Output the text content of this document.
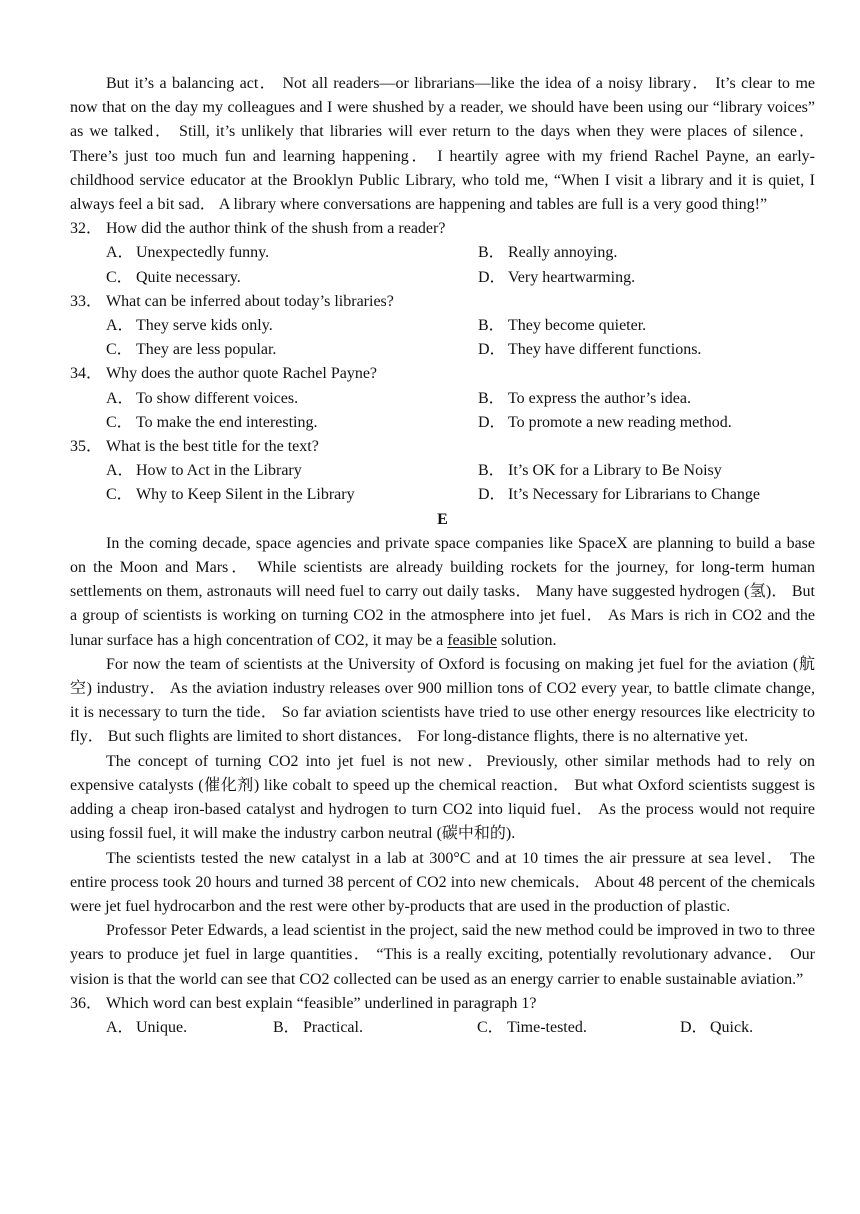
But it’s a balancing act． Not all readers—or librarians—like the idea of a noisy library． It’s clear to me now that on the day my colleagues and I were shushed by a reader, we should have been using our “library voices” as we talked． Still, it’s unlikely that libraries will ever return to the days when they were places of silence． There’s just too much fun and learning happening． I heartily agree with my friend Rachel Payne, an early-childhood service educator at the Brooklyn Public Library, who told me, “When I visit a library and it is quiet, I always feel a bit sad． A library where conversations are happening and tables are full is a very good thing!”

32． How did the author think of the shush from a reader?
A． Unexpectedly funny.	B． Really annoying.
C． Quite necessary.	D． Very heartwarming.
33． What can be inferred about today’s libraries?
A． They serve kids only.	B． They become quieter.
C． They are less popular.	D． They have different functions.
34． Why does the author quote Rachel Payne?
A． To show different voices.	B． To express the author’s idea.
C． To make the end interesting.	D． To promote a new reading method.
35． What is the best title for the text?
A． How to Act in the Library	B． It’s OK for a Library to Be Noisy
C． Why to Keep Silent in the Library	D． It’s Necessary for Librarians to Change
E

In the coming decade, space agencies and private space companies like SpaceX are planning to build a base on the Moon and Mars． While scientists are already building rockets for the journey, for long-term human settlements on them, astronauts will need fuel to carry out daily tasks． Many have suggested hydrogen (氢)． But a group of scientists is working on turning CO2 in the atmosphere into jet fuel． As Mars is rich in CO2 and the lunar surface has a high concentration of CO2, it may be a feasible solution.

For now the team of scientists at the University of Oxford is focusing on making jet fuel for the aviation (航空) industry． As the aviation industry releases over 900 million tons of CO2 every year, to battle climate change, it is necessary to turn the tide． So far aviation scientists have tried to use other energy resources like electricity to fly． But such flights are limited to short distances． For long-distance flights, there is no alternative yet.

The concept of turning CO2 into jet fuel is not new．Previously, other similar methods had to rely on expensive catalysts (催化剂) like cobalt to speed up the chemical reaction． But what Oxford scientists suggest is adding a cheap iron-based catalyst and hydrogen to turn CO2 into liquid fuel． As the process would not require using fossil fuel, it will make the industry carbon neutral (碳中和的).

The scientists tested the new catalyst in a lab at 300°C and at 10 times the air pressure at sea level． The entire process took 20 hours and turned 38 percent of CO2 into new chemicals． About 48 percent of the chemicals were jet fuel hydrocarbon and the rest were other by-products that are used in the production of plastic.

Professor Peter Edwards, a lead scientist in the project, said the new method could be improved in two to three years to produce jet fuel in large quantities． “This is a really exciting, potentially revolutionary advance． Our vision is that the world can see that CO2 collected can be used as an energy carrier to enable sustainable aviation.”

36． Which word can best explain “feasible” underlined in paragraph 1?
A． Unique.	B． Practical.	C． Time-tested.	D． Quick.
